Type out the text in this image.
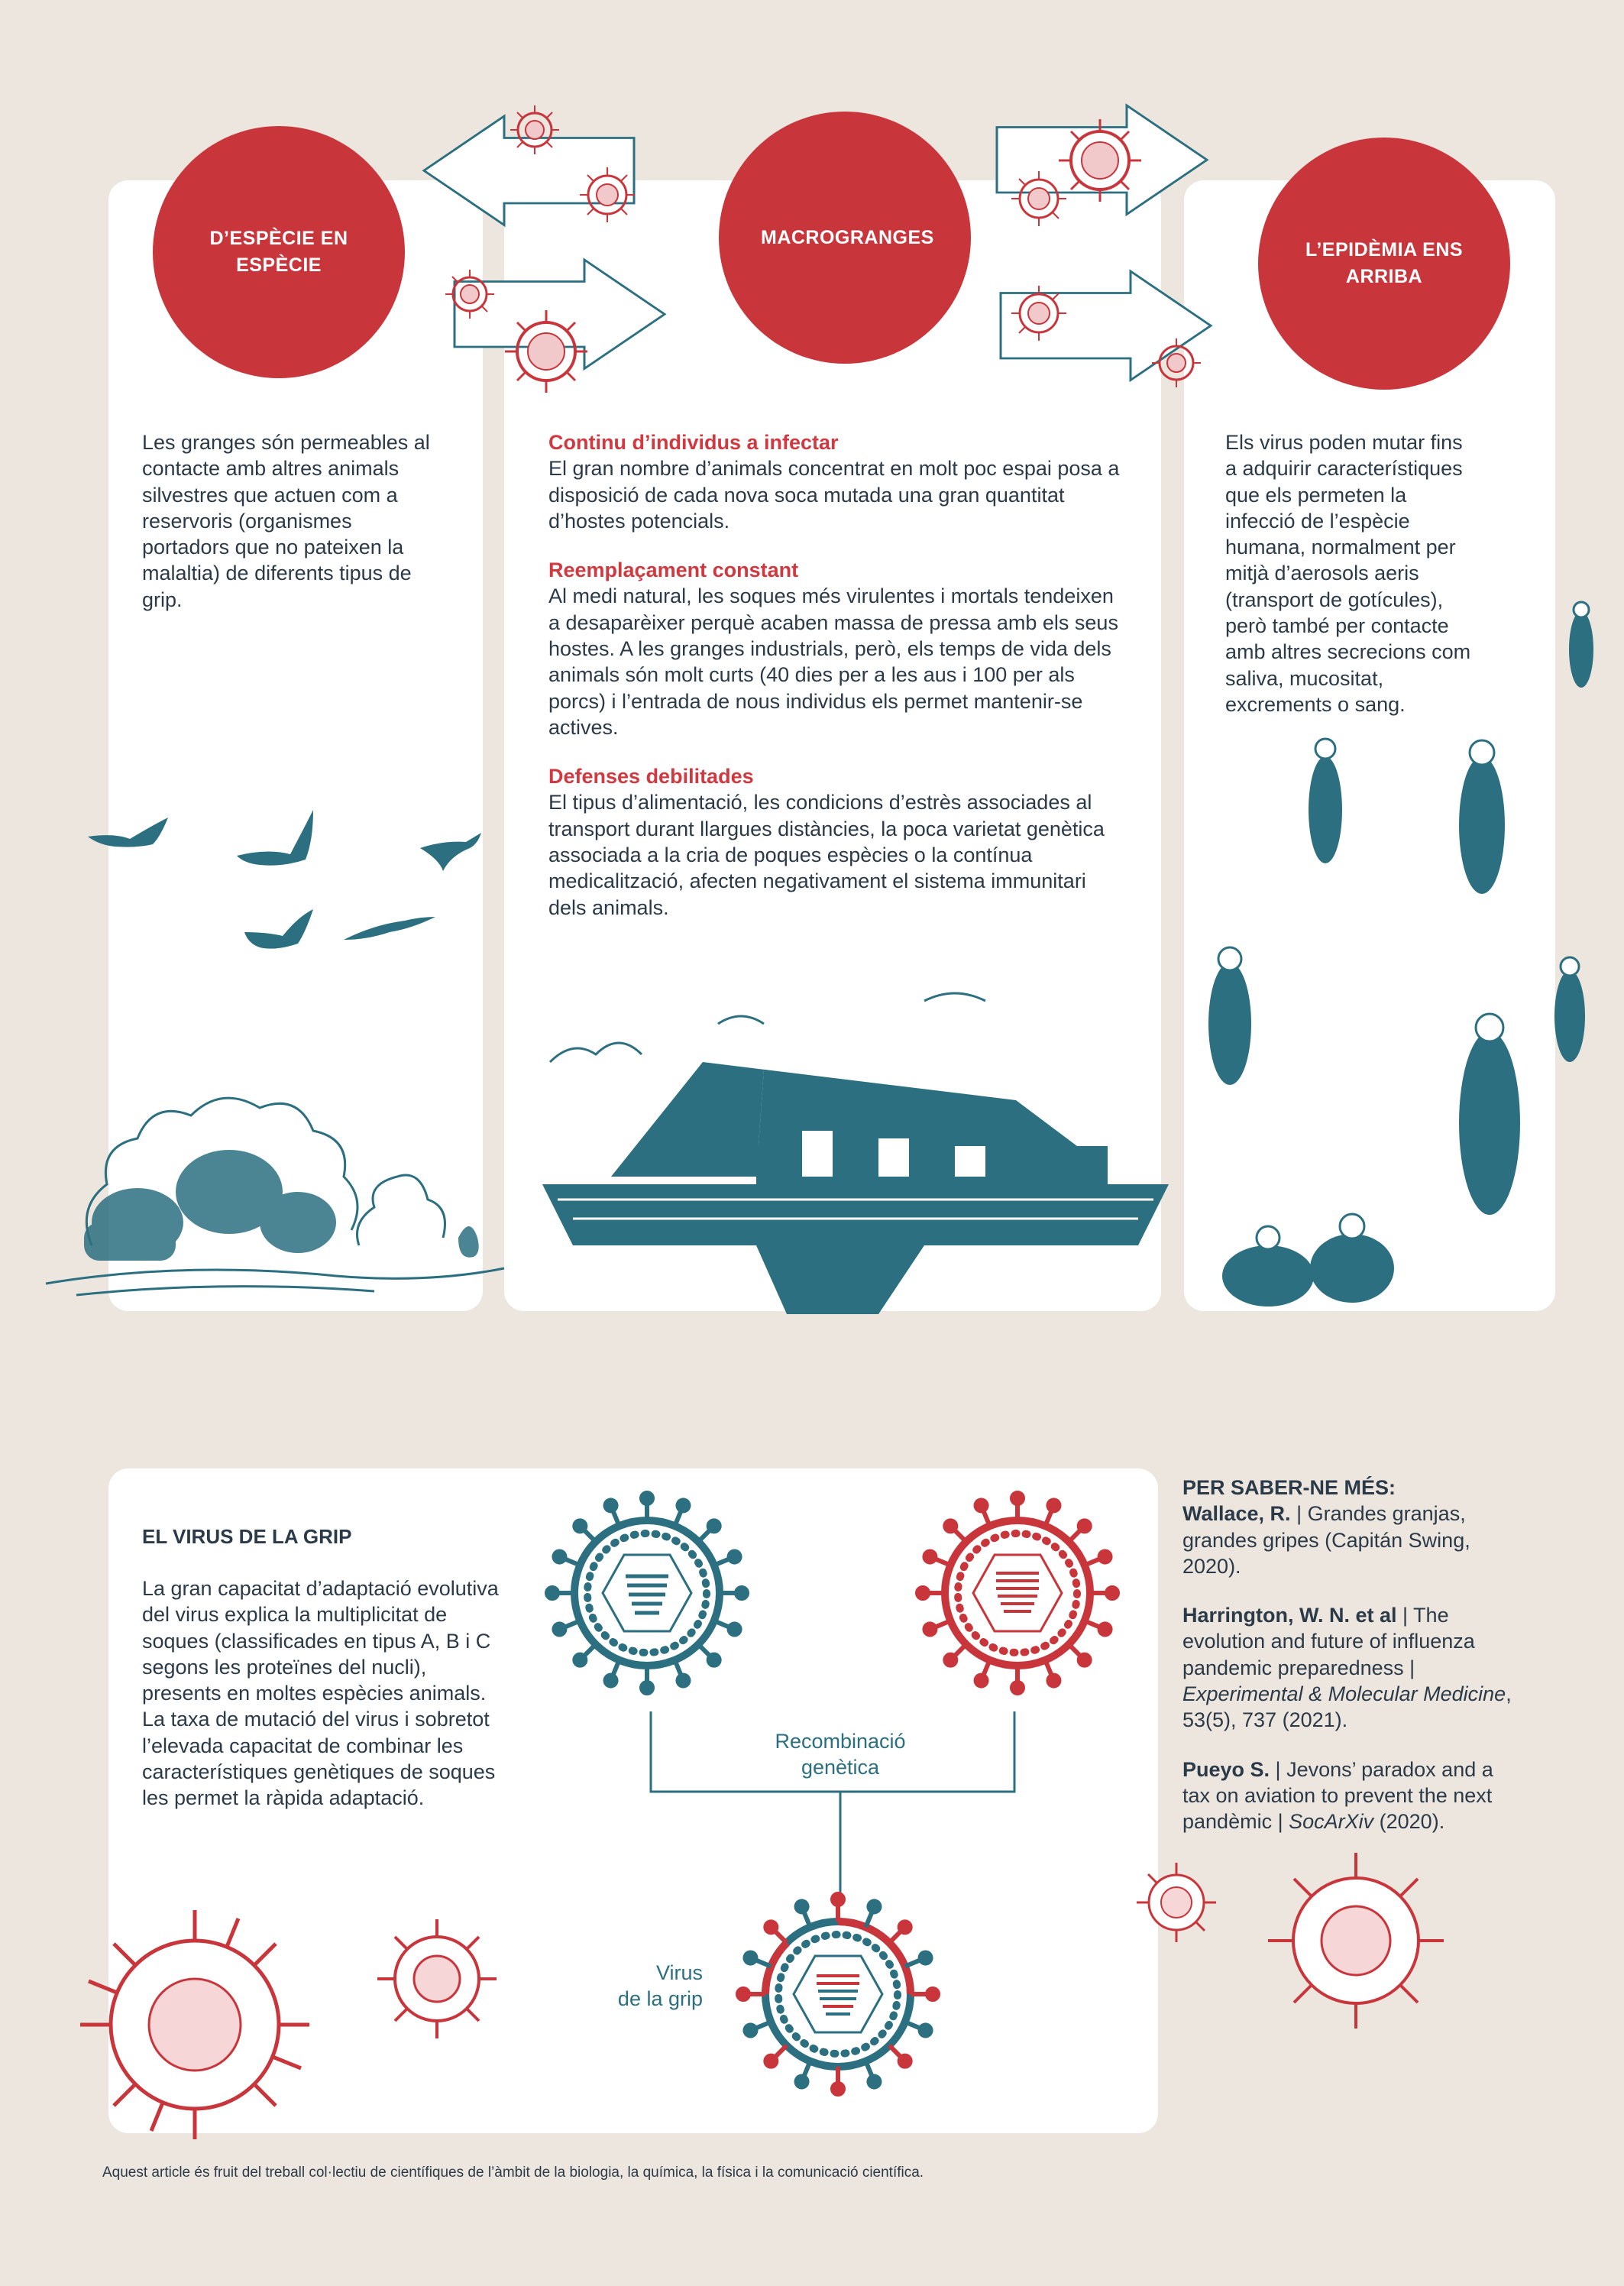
D’ESPÈCIE EN ESPÈCIE
MACROGRANGES
L’EPIDÈMIA ENS ARRIBA
Les granges són permeables al contacte amb altres animals silvestres que actuen com a reservoris (organismes portadors que no pateixen la malaltia) de diferents tipus de grip.
Continu d’individus a infectar
El gran nombre d’animals concentrat en molt poc espai posa a disposició de cada nova soca mutada una gran quantitat d’hostes potencials.
Reemplaçament constant
Al medi natural, les soques més virulentes i mortals tendeixen a desaparèixer perquè acaben massa de pressa amb els seus hostes. A les granges industrials, però, els temps de vida dels animals són molt curts (40 dies per a les aus i 100 per als porcs) i l’entrada de nous individus els permet mantenir-se actives.
Defenses debilitades
El tipus d’alimentació, les condicions d’estrès associades al transport durant llargues distàncies, la poca varietat genètica associada a la cria de poques espècies o la contínua medicalització, afecten negativament el sistema immunitari dels animals.
Els virus poden mutar fins a adquirir característiques que els permeten la infecció de l’espècie humana, normalment per mitjà d’aerosols aeris (transport de gotícules), però també per contacte amb altres secrecions com saliva, mucositat, excrements o sang.
EL VIRUS DE LA GRIP
La gran capacitat d’adaptació evolutiva del virus explica la multiplicitat de soques (classificades en tipus A, B i C segons les proteïnes del nucli), presents en moltes espècies animals. La taxa de mutació del virus i sobretot l’elevada capacitat de combinar les característiques genètiques de soques les permet la ràpida adaptació.
Recombinació
genètica
Virus
de la grip
PER SABER-NE MÉS:
Wallace, R. | Grandes granjas, grandes gripes (Capitán Swing, 2020).
Harrington, W. N. et al | The evolution and future of influenza pandemic preparedness | Experimental & Molecular Medicine, 53(5), 737 (2021).
Pueyo S. | Jevons’ paradox and a tax on aviation to prevent the next pandèmic | SocArXiv (2020).
Aquest article és fruit del treball col·lectiu de científiques de l’àmbit de la biologia, la química, la física i la comunicació científica.
